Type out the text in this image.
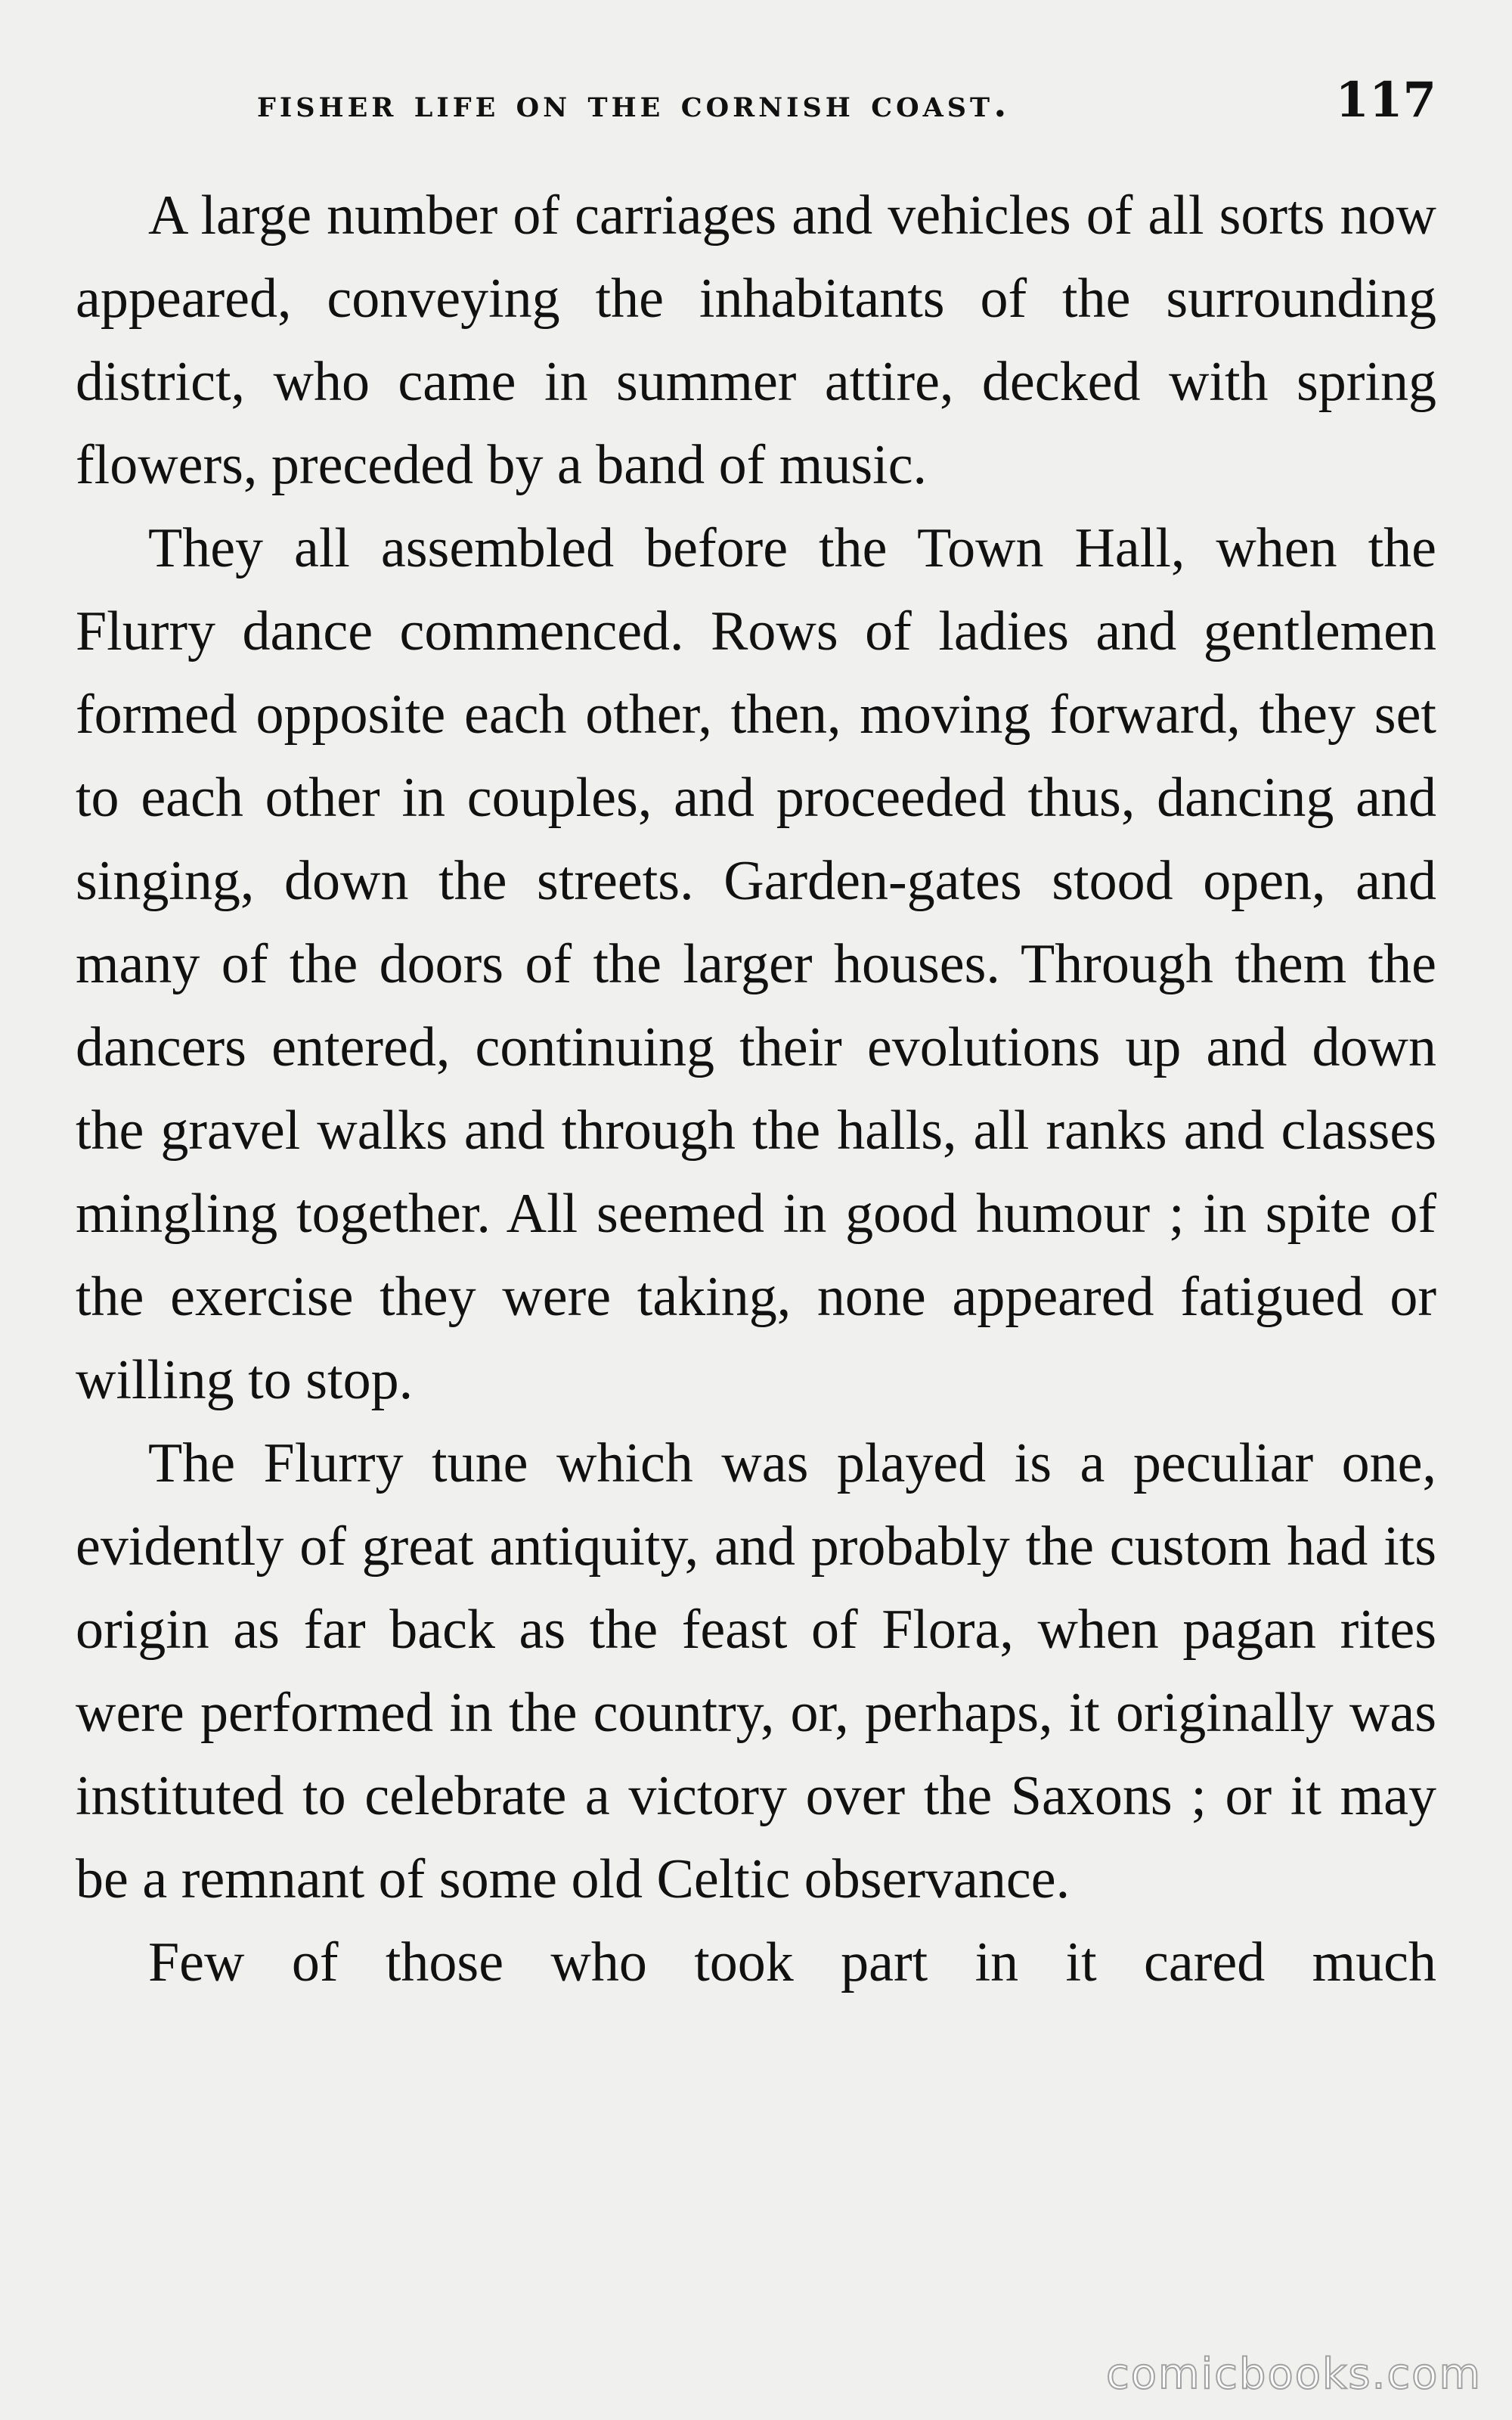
fisher life on the cornish coast.	117

A large number of carriages and vehicles of all sorts now appeared, conveying the inhabitants of the surrounding district, who came in summer attire, decked with spring flowers, preceded by a band of music.

They all assembled before the Town Hall, when the Flurry dance commenced. Rows of ladies and gentlemen formed opposite each other, then, moving forward, they set to each other in couples, and proceeded thus, dancing and singing, down the streets. Garden-gates stood open, and many of the doors of the larger houses. Through them the dancers entered, continuing their evolutions up and down the gravel walks and through the halls, all ranks and classes mingling together. All seemed in good humour ; in spite of the exercise they were taking, none appeared fatigued or willing to stop.

The Flurry tune which was played is a peculiar one, evidently of great antiquity, and probably the custom had its origin as far back as the feast of Flora, when pagan rites were performed in the country, or, perhaps, it originally was instituted to celebrate a victory over the Saxons ; or it may be a remnant of some old Celtic observance.

Few of those who took part in it cared much

comicbooks.com
